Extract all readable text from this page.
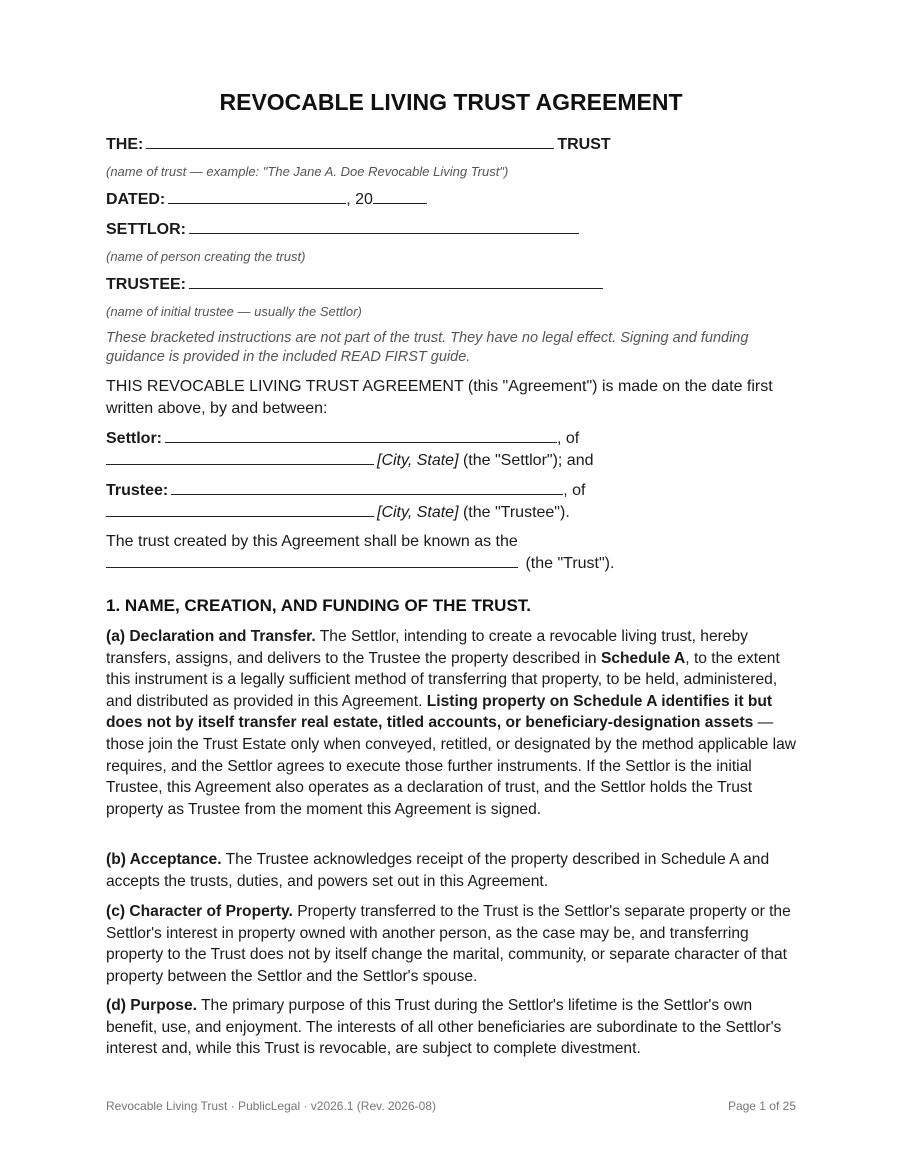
REVOCABLE LIVING TRUST AGREEMENT
THE:	TRUST
(name of trust — example: "The Jane A. Doe Revocable Living Trust")
DATED:	, 20
SETTLOR:
(name of person creating the trust)
TRUSTEE:
(name of initial trustee — usually the Settlor)
These bracketed instructions are not part of the trust. They have no legal effect. Signing and funding guidance is provided in the included READ FIRST guide.
THIS REVOCABLE LIVING TRUST AGREEMENT (this "Agreement") is made on the date first written above, by and between:
Settlor:	, of
[City, State] (the "Settlor"); and
Trustee:	, of
[City, State] (the "Trustee").
The trust created by this Agreement shall be known as the
(the "Trust").
1. NAME, CREATION, AND FUNDING OF THE TRUST.
(a) Declaration and Transfer. The Settlor, intending to create a revocable living trust, hereby transfers, assigns, and delivers to the Trustee the property described in Schedule A, to the extent this instrument is a legally sufficient method of transferring that property, to be held, administered, and distributed as provided in this Agreement. Listing property on Schedule A identifies it but does not by itself transfer real estate, titled accounts, or beneficiary-designation assets — those join the Trust Estate only when conveyed, retitled, or designated by the method applicable law requires, and the Settlor agrees to execute those further instruments. If the Settlor is the initial Trustee, this Agreement also operates as a declaration of trust, and the Settlor holds the Trust property as Trustee from the moment this Agreement is signed.
(b) Acceptance. The Trustee acknowledges receipt of the property described in Schedule A and accepts the trusts, duties, and powers set out in this Agreement.
(c) Character of Property. Property transferred to the Trust is the Settlor's separate property or the Settlor's interest in property owned with another person, as the case may be, and transferring property to the Trust does not by itself change the marital, community, or separate character of that property between the Settlor and the Settlor's spouse.
(d) Purpose. The primary purpose of this Trust during the Settlor's lifetime is the Settlor's own benefit, use, and enjoyment. The interests of all other beneficiaries are subordinate to the Settlor's interest and, while this Trust is revocable, are subject to complete divestment.
Revocable Living Trust · PublicLegal · v2026.1 (Rev. 2026-08)	Page 1 of 25
